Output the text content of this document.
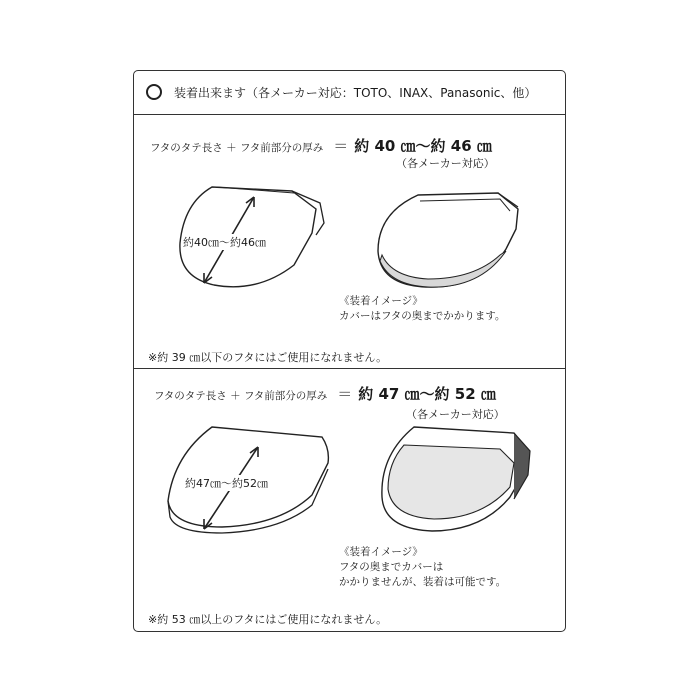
装着出来ます（各メーカー対応：TOTO、INAX、Panasonic、他）
フタのタテ長さ ＋ フタ前部分の厚み ＝ 約 40 ㎝〜約 46 ㎝
（各メーカー対応）
約40㎝〜約46㎝
《装着イメージ》
カバーはフタの奥までかかります。
※約 39 ㎝以下のフタにはご使用になれません。
フタのタテ長さ ＋ フタ前部分の厚み ＝ 約 47 ㎝〜約 52 ㎝
（各メーカー対応）
約47㎝〜約52㎝
《装着イメージ》
フタの奥までカバーは
かかりませんが、装着は可能です。
※約 53 ㎝以上のフタにはご使用になれません。
